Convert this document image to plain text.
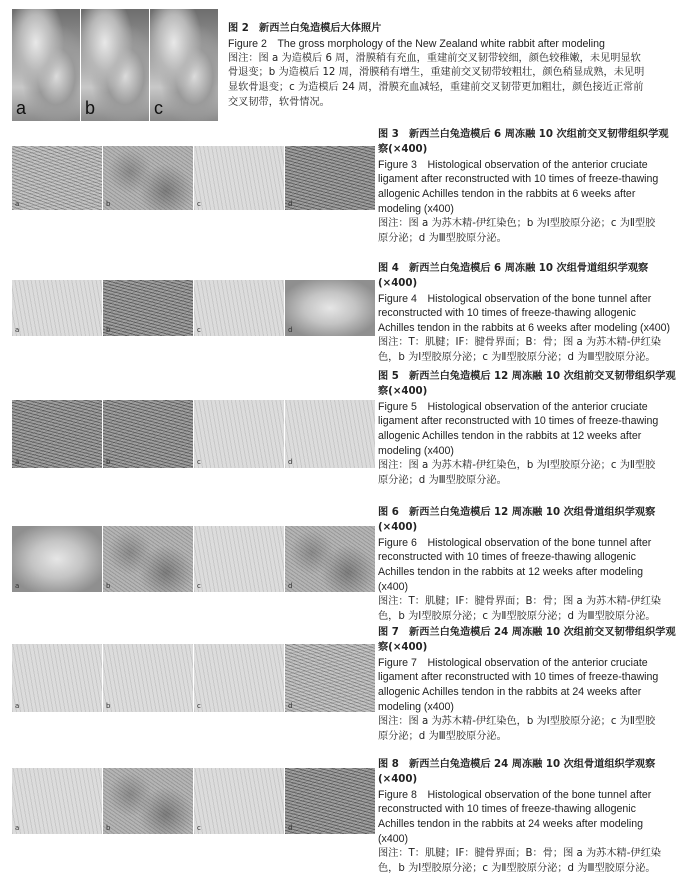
a	b	c
图 2　新西兰白兔造模后大体照片
Figure 2　The gross morphology of the New Zealand white rabbit after modeling
图注：图 a 为造模后 6 周，滑膜稍有充血，重建前交叉韧带较细，颜色较稚嫩，未见明显软
骨退变；b 为造模后 12 周，滑膜稍有增生，重建前交叉韧带较粗壮，颜色稍显成熟，未见明
显软骨退变；c 为造模后 24 周，滑膜充血减轻，重建前交叉韧带更加粗壮，颜色接近正常前
交叉韧带，软骨情况。
a	b	c	d
图 3　新西兰白兔造模后 6 周冻融 10 次组前交叉韧带组织学观
察(×400)
Figure 3　Histological observation of the anterior cruciate
ligament after reconstructed with 10 times of freeze-thawing
allogenic Achilles tendon in the rabbits at 6 weeks after
modeling (x400)
图注：图 a 为苏木精-伊红染色；b 为Ⅰ型胶原分泌；c 为Ⅱ型胶
原分泌；d 为Ⅲ型胶原分泌。
a	b	c	d
图 4　新西兰白兔造模后 6 周冻融 10 次组骨道组织学观察(×400)
Figure 4　Histological observation of the bone tunnel after
reconstructed with 10 times of freeze-thawing allogenic
Achilles tendon in the rabbits at 6 weeks after modeling (x400)
图注：T：肌腱；IF：腱骨界面；B：骨；图 a 为苏木精-伊红染
色，b 为Ⅰ型胶原分泌；c 为Ⅱ型胶原分泌；d 为Ⅲ型胶原分泌。
a	b	c	d
图 5　新西兰白兔造模后 12 周冻融 10 次组前交叉韧带组织学观
察(×400)
Figure 5　Histological observation of the anterior cruciate
ligament after reconstructed with 10 times of freeze-thawing
allogenic Achilles tendon in the rabbits at 12 weeks after
modeling (x400)
图注：图 a 为苏木精-伊红染色，b 为Ⅰ型胶原分泌；c 为Ⅱ型胶
原分泌；d 为Ⅲ型胶原分泌。
a	b	c	d
图 6　新西兰白兔造模后 12 周冻融 10 次组骨道组织学观察(×400)
Figure 6　Histological observation of the bone tunnel after
reconstructed with 10 times of freeze-thawing allogenic
Achilles tendon in the rabbits at 12 weeks after modeling
(x400)
图注：T：肌腱；IF：腱骨界面；B：骨；图 a 为苏木精-伊红染
色，b 为Ⅰ型胶原分泌；c 为Ⅱ型胶原分泌；d 为Ⅲ型胶原分泌。
a	b	c	d
图 7　新西兰白兔造模后 24 周冻融 10 次组前交叉韧带组织学观
察(×400)
Figure 7　Histological observation of the anterior cruciate
ligament after reconstructed with 10 times of freeze-thawing
allogenic Achilles tendon in the rabbits at 24 weeks after
modeling (x400)
图注：图 a 为苏木精-伊红染色，b 为Ⅰ型胶原分泌；c 为Ⅱ型胶
原分泌；d 为Ⅲ型胶原分泌。
a	b	c	d
图 8　新西兰白兔造模后 24 周冻融 10 次组骨道组织学观察(×400)
Figure 8　Histological observation of the bone tunnel after
reconstructed with 10 times of freeze-thawing allogenic
Achilles tendon in the rabbits at 24 weeks after modeling
(x400)
图注：T：肌腱；IF：腱骨界面；B：骨；图 a 为苏木精-伊红染
色，b 为Ⅰ型胶原分泌；c 为Ⅱ型胶原分泌；d 为Ⅲ型胶原分泌。
